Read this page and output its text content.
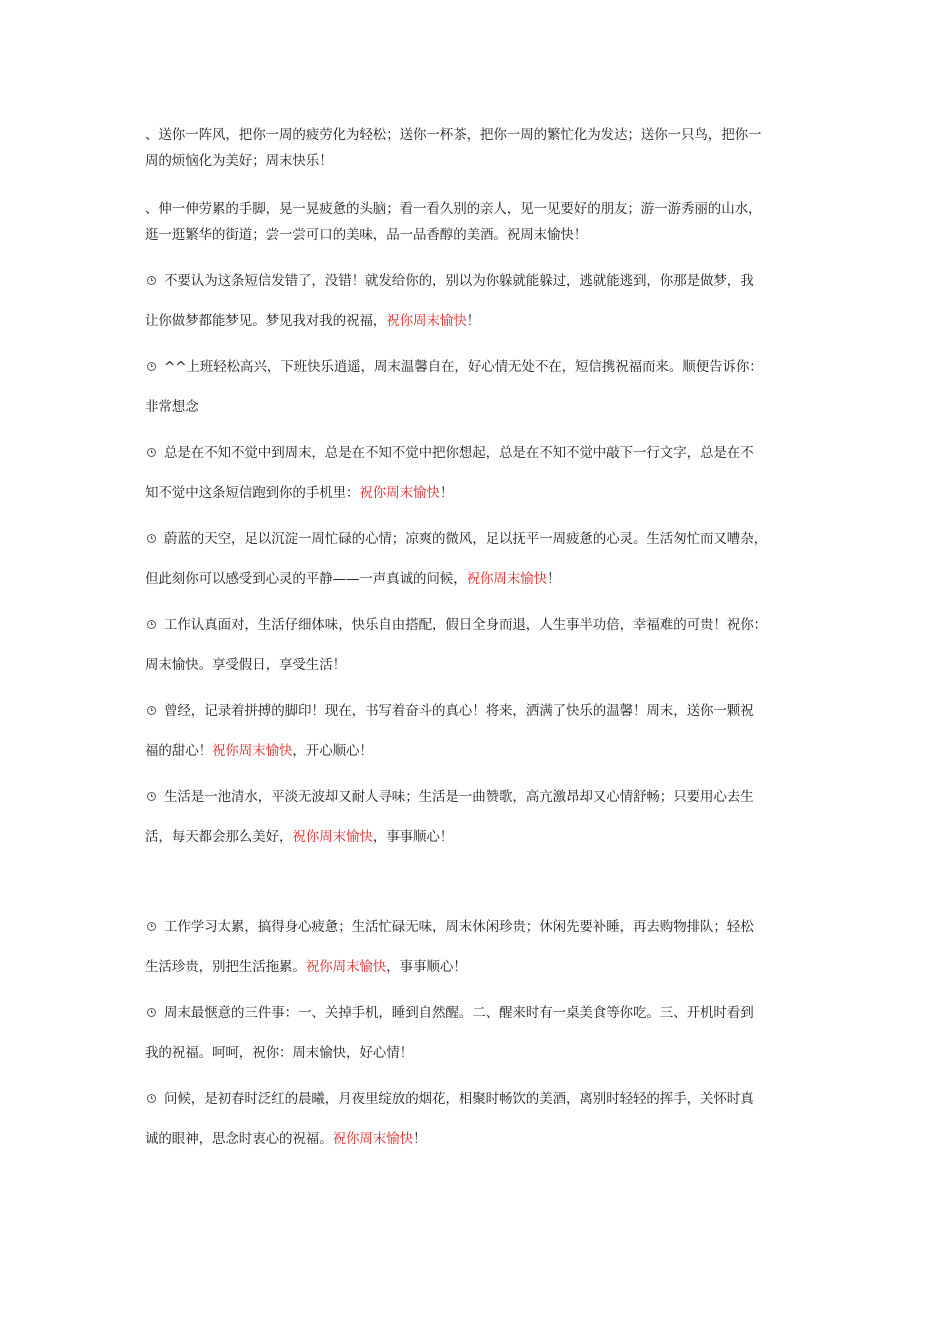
、送你一阵风，把你一周的疲劳化为轻松；送你一杯茶，把你一周的繁忙化为发达；送你一只鸟，把你一
周的烦恼化为美好；周末快乐！
、伸一伸劳累的手脚，晃一晃疲惫的头脑；看一看久别的亲人，见一见要好的朋友；游一游秀丽的山水，
逛一逛繁华的街道；尝一尝可口的美味，品一品香醇的美酒。祝周末愉快！
不要认为这条短信发错了，没错！就发给你的，别以为你躲就能躲过，逃就能逃到，你那是做梦，我
让你做梦都能梦见。梦见我对我的祝福，祝你周末愉快！
^^上班轻松高兴，下班快乐逍遥，周末温馨自在，好心情无处不在，短信携祝福而来。顺便告诉你：
非常想念
总是在不知不觉中到周末，总是在不知不觉中把你想起，总是在不知不觉中敲下一行文字，总是在不
知不觉中这条短信跑到你的手机里：祝你周末愉快！
蔚蓝的天空，足以沉淀一周忙碌的心情；凉爽的微风，足以抚平一周疲惫的心灵。生活匆忙而又嘈杂，
但此刻你可以感受到心灵的平静——一声真诚的问候，祝你周末愉快！
工作认真面对，生活仔细体味，快乐自由搭配，假日全身而退，人生事半功倍，幸福难的可贵！祝你：
周末愉快。享受假日，享受生活！
曾经，记录着拼搏的脚印！现在，书写着奋斗的真心！将来，洒满了快乐的温馨！周末，送你一颗祝
福的甜心！祝你周末愉快，开心顺心！
生活是一池清水，平淡无波却又耐人寻味；生活是一曲赞歌，高亢激昂却又心情舒畅；只要用心去生
活，每天都会那么美好，祝你周末愉快，事事顺心！
工作学习太累，搞得身心疲惫；生活忙碌无味，周末休闲珍贵；休闲先要补睡，再去购物排队；轻松
生活珍贵，别把生活拖累。祝你周末愉快，事事顺心！
周末最惬意的三件事：一、关掉手机，睡到自然醒。二、醒来时有一桌美食等你吃。三、开机时看到
我的祝福。呵呵，祝你：周末愉快，好心情！
问候，是初春时泛红的晨曦，月夜里绽放的烟花，相聚时畅饮的美酒，离别时轻轻的挥手，关怀时真
诚的眼神，思念时衷心的祝福。祝你周末愉快！
